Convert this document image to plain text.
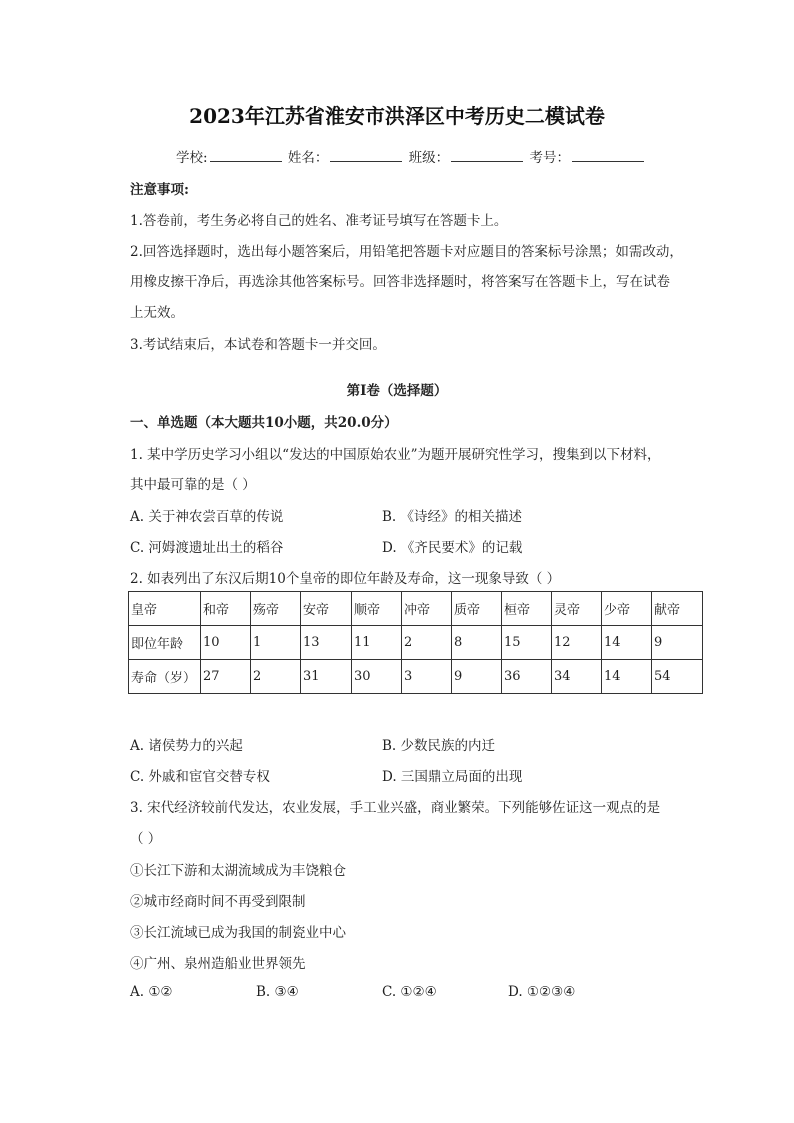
2023年江苏省淮安市洪泽区中考历史二模试卷
学校:	姓名：	班级：	考号：
注意事项:
1.答卷前，考生务必将自己的姓名、准考证号填写在答题卡上。
2.回答选择题时，选出每小题答案后，用铅笔把答题卡对应题目的答案标号涂黑；如需改动，
用橡皮擦干净后，再选涂其他答案标号。回答非选择题时，将答案写在答题卡上，写在试卷
上无效。
3.考试结束后，本试卷和答题卡一并交回。
第I卷（选择题）
一、单选题（本大题共10小题，共20.0分）
1. 某中学历史学习小组以“发达的中国原始农业”为题开展研究性学习，搜集到以下材料，
其中最可靠的是（ ）
A. 关于神农尝百草的传说	B. 《诗经》的相关描述
C. 河姆渡遗址出土的稻谷	D. 《齐民要术》的记载
2. 如表列出了东汉后期10个皇帝的即位年龄及寿命，这一现象导致（ ）
皇帝	和帝	殇帝	安帝	顺帝	冲帝	质帝	桓帝	灵帝	少帝	献帝
即位年龄	10	1	13	11	2	8	15	12	14	9
寿命（岁）	27	2	31	30	3	9	36	34	14	54
A. 诸侯势力的兴起	B. 少数民族的内迁
C. 外戚和宦官交替专权	D. 三国鼎立局面的出现
3. 宋代经济较前代发达，农业发展，手工业兴盛，商业繁荣。下列能够佐证这一观点的是
（ ）
①长江下游和太湖流域成为丰饶粮仓
②城市经商时间不再受到限制
③长江流域已成为我国的制瓷业中心
④广州、泉州造船业世界领先
A. ①②	B. ③④	C. ①②④	D. ①②③④
